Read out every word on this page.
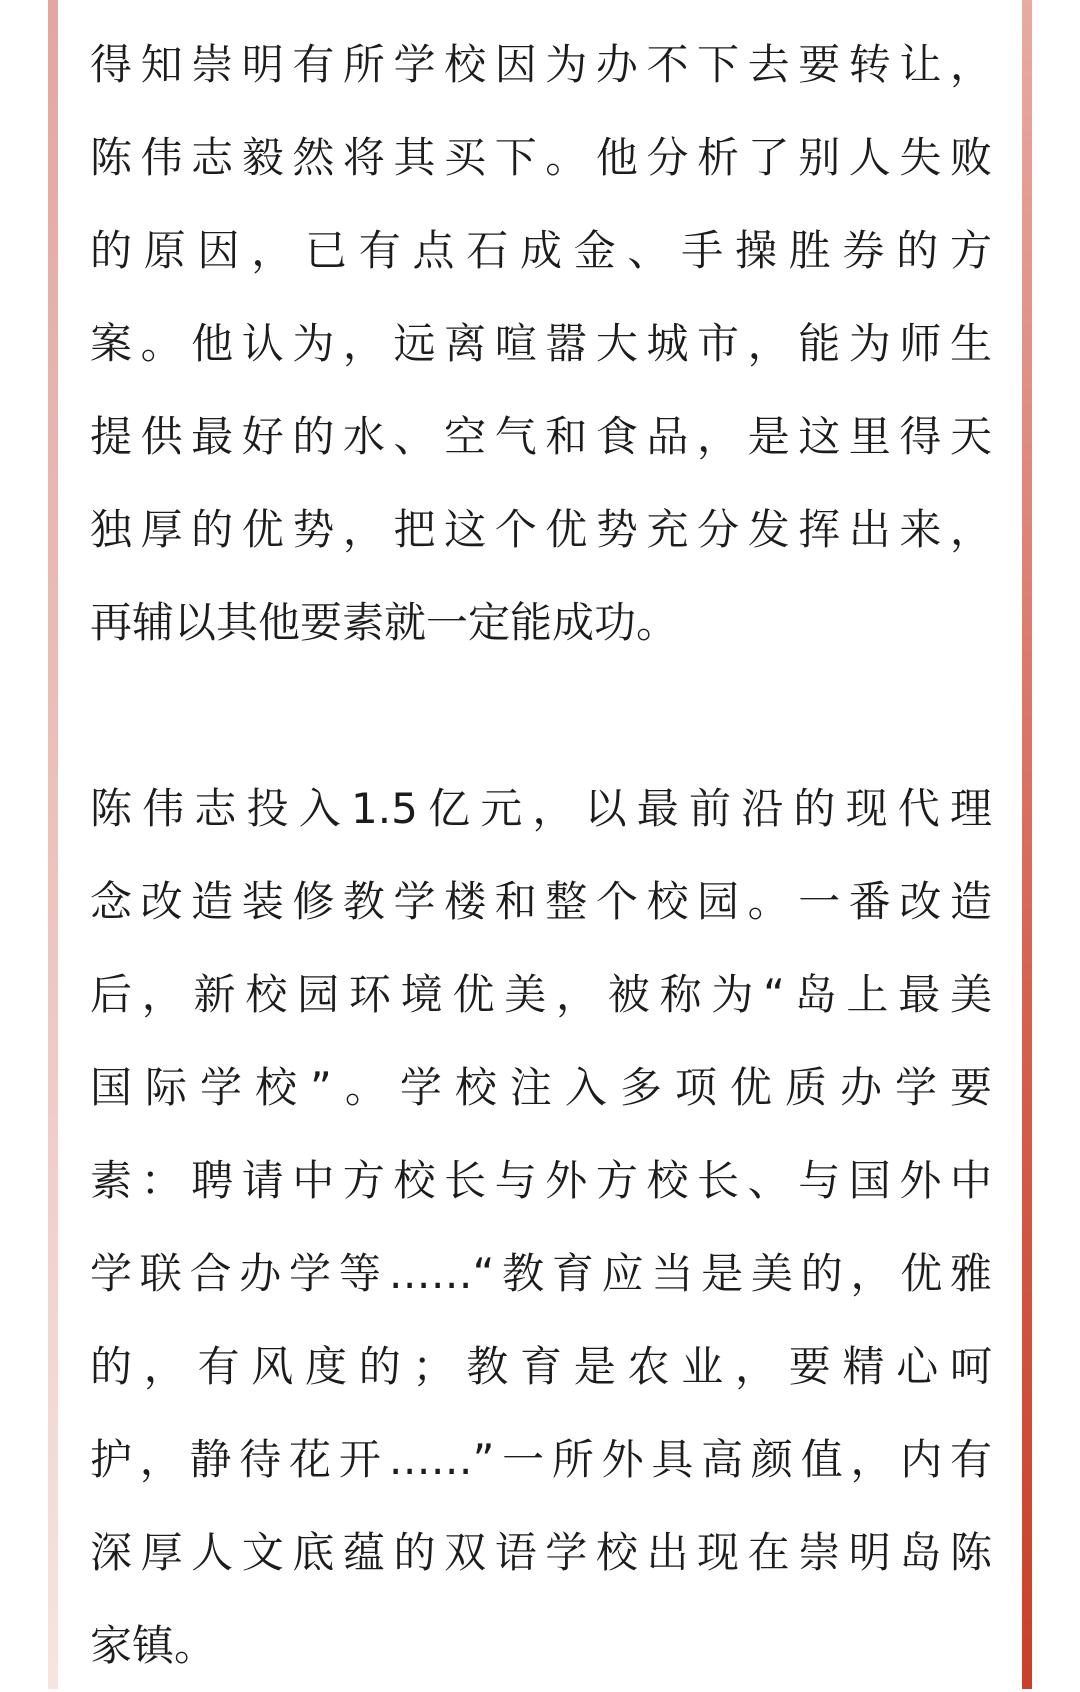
得知崇明有所学校因为办不下去要转让，
陈伟志毅然将其买下。他分析了别人失败
的原因，已有点石成金、手操胜券的方
案。他认为，远离喧嚣大城市，能为师生
提供最好的水、空气和食品，是这里得天
独厚的优势，把这个优势充分发挥出来，
再辅以其他要素就一定能成功。
陈伟志投入1.5亿元，以最前沿的现代理
念改造装修教学楼和整个校园。一番改造
后，新校园环境优美，被称为“岛上最美
国际学校”。学校注入多项优质办学要
素：聘请中方校长与外方校长、与国外中
学联合办学等……“教育应当是美的，优雅
的，有风度的；教育是农业，要精心呵
护，静待花开……”一所外具高颜值，内有
深厚人文底蕴的双语学校出现在崇明岛陈
家镇。
